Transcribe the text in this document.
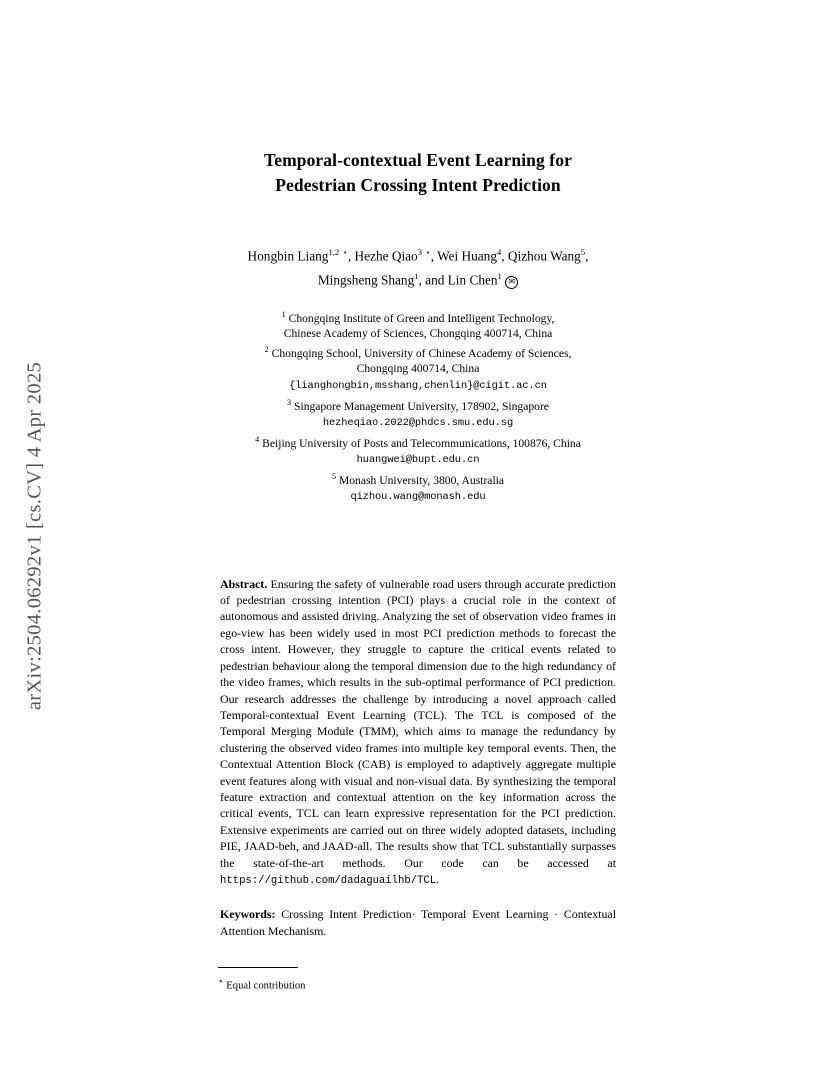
arXiv:2504.06292v1 [cs.CV] 4 Apr 2025
Temporal-contextual Event Learning for
Pedestrian Crossing Intent Prediction
Hongbin Liang$^{1,2}$ ⋆, Hezhe Qiao$^3$ ⋆, Wei Huang$^4$, Qizhou Wang$^5$,
Mingsheng Shang$^1$, and Lin Chen$^1$ ✉
$^1$ Chongqing Institute of Green and Intelligent Technology,
Chinese Academy of Sciences, Chongqing 400714, China
$^2$ Chongqing School, University of Chinese Academy of Sciences,
Chongqing 400714, China
{lianghongbin,msshang,chenlin}@cigit.ac.cn
$^3$ Singapore Management University, 178902, Singapore
hezheqiao.2022@phdcs.smu.edu.sg
$^4$ Beijing University of Posts and Telecommunications, 100876, China
huangwei@bupt.edu.cn
$^5$ Monash University, 3800, Australia
qizhou.wang@monash.edu
Abstract. Ensuring the safety of vulnerable road users through accurate prediction of pedestrian crossing intention (PCI) plays a crucial role in the context of autonomous and assisted driving. Analyzing the set of observation video frames in ego-view has been widely used in most PCI prediction methods to forecast the cross intent. However, they struggle to capture the critical events related to pedestrian behaviour along the temporal dimension due to the high redundancy of the video frames, which results in the sub-optimal performance of PCI prediction. Our research addresses the challenge by introducing a novel approach called Temporal-contextual Event Learning (TCL). The TCL is composed of the Temporal Merging Module (TMM), which aims to manage the redundancy by clustering the observed video frames into multiple key temporal events. Then, the Contextual Attention Block (CAB) is employed to adaptively aggregate multiple event features along with visual and non-visual data. By synthesizing the temporal feature extraction and contextual attention on the key information across the critical events, TCL can learn expressive representation for the PCI prediction. Extensive experiments are carried out on three widely adopted datasets, including PIE, JAAD-beh, and JAAD-all. The results show that TCL substantially surpasses the state-of-the-art methods. Our code can be accessed at https://github.com/dadaguailhb/TCL.
Keywords: Crossing Intent Prediction· Temporal Event Learning · Contextual Attention Mechanism.
⋆ Equal contribution
